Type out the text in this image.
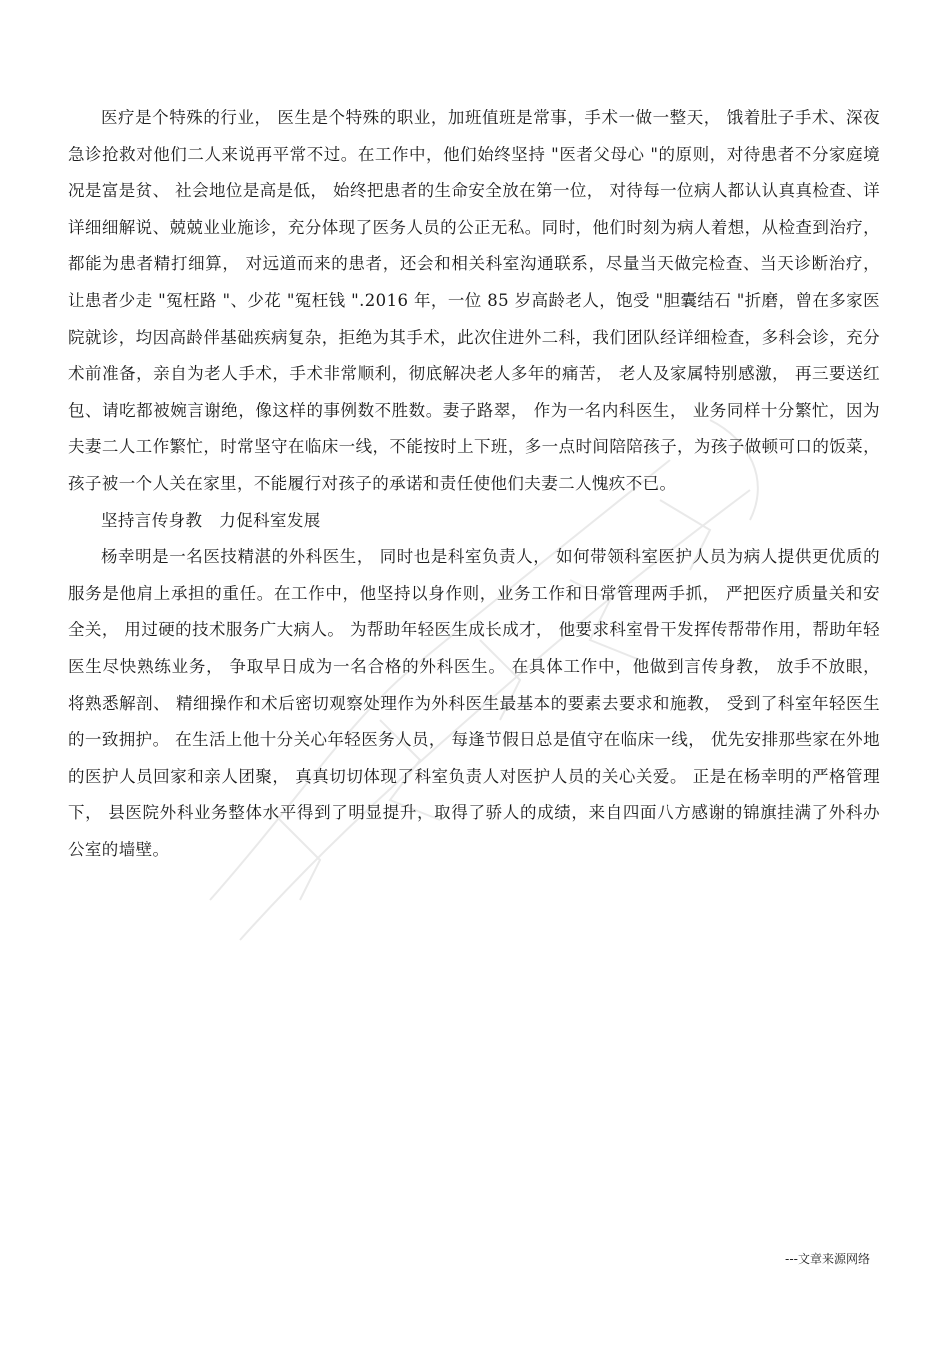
医疗是个特殊的行业， 医生是个特殊的职业，加班值班是常事，手术一做一整天， 饿着肚子手术、深夜急诊抢救对他们二人来说再平常不过。在工作中，他们始终坚持 "医者父母心 "的原则，对待患者不分家庭境况是富是贫、 社会地位是高是低， 始终把患者的生命安全放在第一位， 对待每一位病人都认认真真检查、详详细细解说、兢兢业业施诊，充分体现了医务人员的公正无私。同时，他们时刻为病人着想，从检查到治疗， 都能为患者精打细算， 对远道而来的患者，还会和相关科室沟通联系，尽量当天做完检查、当天诊断治疗，让患者少走 "冤枉路 "、少花 "冤枉钱 ".2016 年，一位 85 岁高龄老人，饱受 "胆囊结石 "折磨，曾在多家医院就诊，均因高龄伴基础疾病复杂，拒绝为其手术，此次住进外二科，我们团队经详细检查，多科会诊，充分术前准备，亲自为老人手术，手术非常顺利，彻底解决老人多年的痛苦， 老人及家属特别感激， 再三要送红包、请吃都被婉言谢绝，像这样的事例数不胜数。妻子路翠， 作为一名内科医生， 业务同样十分繁忙，因为夫妻二人工作繁忙，时常坚守在临床一线，不能按时上下班，多一点时间陪陪孩子，为孩子做顿可口的饭菜，孩子被一个人关在家里，不能履行对孩子的承诺和责任使他们夫妻二人愧疚不已。

坚持言传身教　力促科室发展

杨幸明是一名医技精湛的外科医生， 同时也是科室负责人， 如何带领科室医护人员为病人提供更优质的服务是他肩上承担的重任。在工作中，他坚持以身作则，业务工作和日常管理两手抓， 严把医疗质量关和安全关， 用过硬的技术服务广大病人。 为帮助年轻医生成长成才， 他要求科室骨干发挥传帮带作用，帮助年轻医生尽快熟练业务， 争取早日成为一名合格的外科医生。 在具体工作中，他做到言传身教， 放手不放眼， 将熟悉解剖、 精细操作和术后密切观察处理作为外科医生最基本的要素去要求和施教， 受到了科室年轻医生的一致拥护。 在生活上他十分关心年轻医务人员， 每逢节假日总是值守在临床一线， 优先安排那些家在外地的医护人员回家和亲人团聚， 真真切切体现了科室负责人对医护人员的关心关爱。 正是在杨幸明的严格管理下， 县医院外科业务整体水平得到了明显提升，取得了骄人的成绩，来自四面八方感谢的锦旗挂满了外科办公室的墙壁。

---文章来源网络
